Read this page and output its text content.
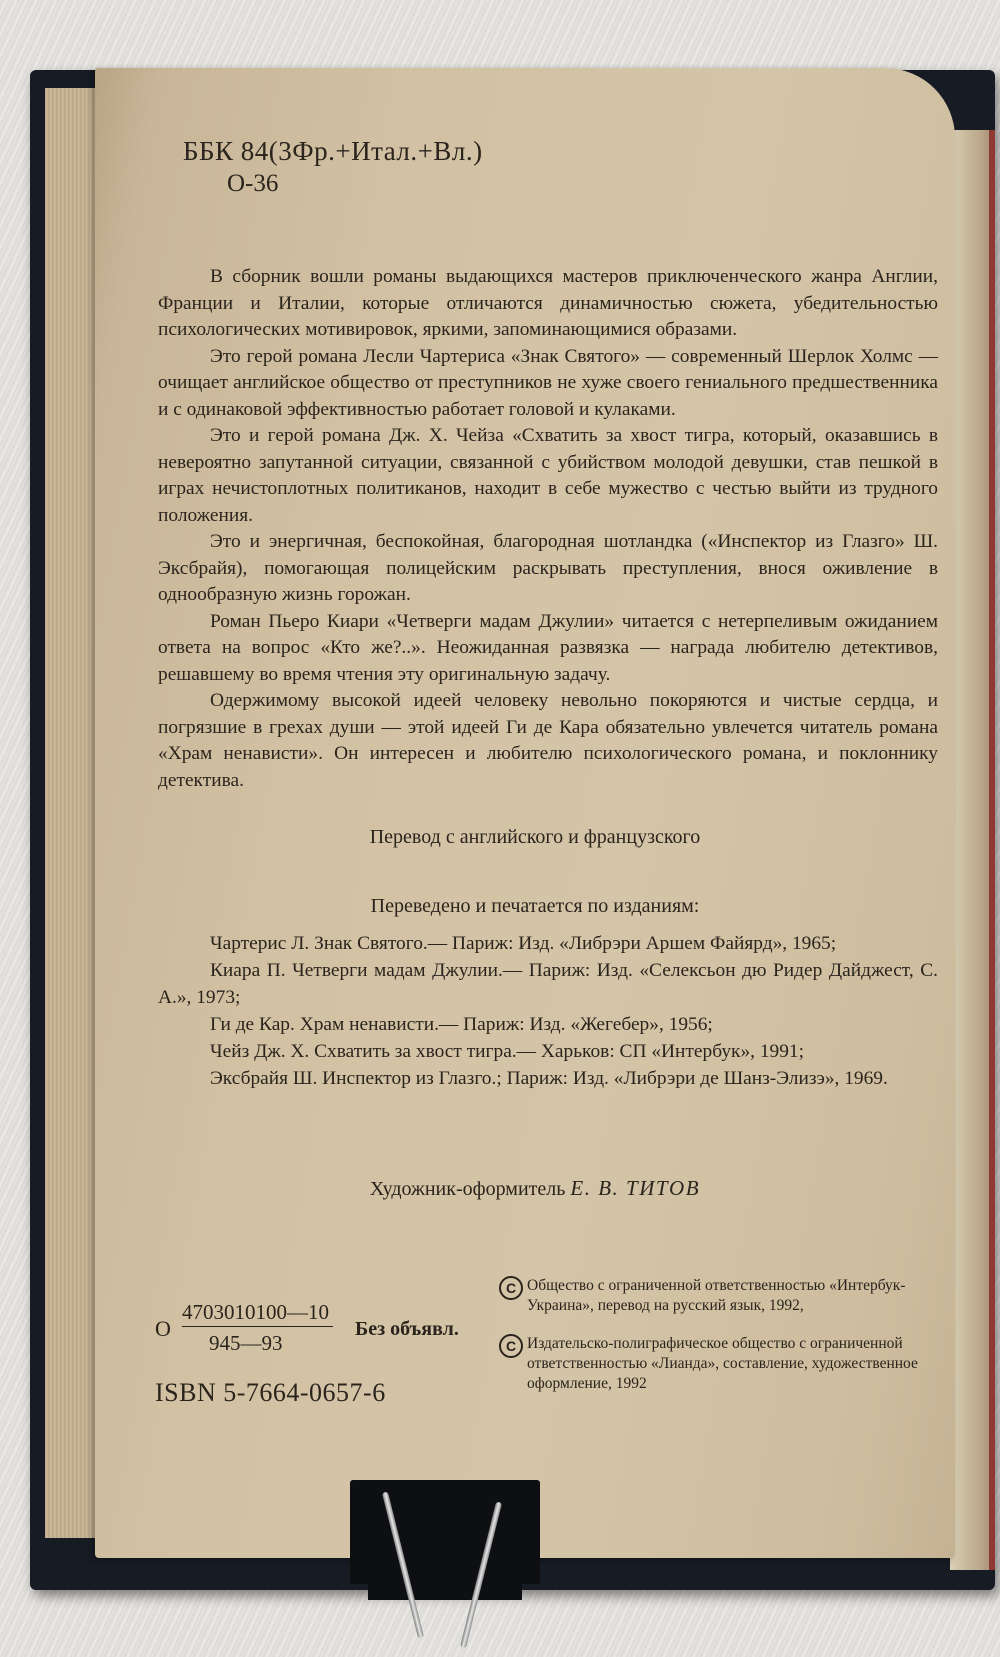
ББК 84(3Фр.+Итал.+Вл.)
О-36

В сборник вошли романы выдающихся мастеров приключенческого жанра Англии, Франции и Италии, которые отличаются динамичностью сюжета, убедительностью психологических мотивировок, яркими, запоминающимися образами.

Это герой романа Лесли Чартериса «Знак Святого» — современный Шерлок Холмс — очищает английское общество от преступников не хуже своего гениального предшественника и с одинаковой эффективностью работает головой и кулаками.

Это и герой романа Дж. Х. Чейза «Схватить за хвост тигра, который, оказавшись в невероятно запутанной ситуации, связанной с убийством молодой девушки, став пешкой в играх нечистоплотных политиканов, находит в себе мужество с честью выйти из трудного положения.

Это и энергичная, беспокойная, благородная шотландка («Инспектор из Глазго» Ш. Эксбрайя), помогающая полицейским раскрывать преступления, внося оживление в однообразную жизнь горожан.

Роман Пьеро Киари «Четверги мадам Джулии» читается с нетерпеливым ожиданием ответа на вопрос «Кто же?..». Неожиданная развязка — награда любителю детективов, решавшему во время чтения эту оригинальную задачу.

Одержимому высокой идеей человеку невольно покоряются и чистые сердца, и погрязшие в грехах души — этой идеей Ги де Кара обязательно увлечется читатель романа «Храм ненависти». Он интересен и любителю психологического романа, и поклоннику детектива.

Перевод с английского и французского
Переведено и печатается по изданиям:

Чартерис Л. Знак Святого.— Париж: Изд. «Либрэри Аршем Файярд», 1965;

Киара П. Четверги мадам Джулии.— Париж: Изд. «Селексьон дю Ридер Дайджест, С. А.», 1973;

Ги де Кар. Храм ненависти.— Париж: Изд. «Жегебер», 1956;

Чейз Дж. Х. Схватить за хвост тигра.— Харьков: СП «Интербук», 1991;

Эксбрайя Ш. Инспектор из Глазго.; Париж: Изд. «Либрэри де Шанз-Элизэ», 1969.

Художник-оформитель Е. В. ТИТОВ
О
4703010100—10
945—93
Без объявл.
ISBN 5-7664-0657-6
C Общество с ограниченной ответственностью «Интербук-Украина», перевод на русский язык, 1992,

C Издательско-полиграфическое общество с ограниченной ответственностью «Лианда», составление, художественное оформление, 1992
